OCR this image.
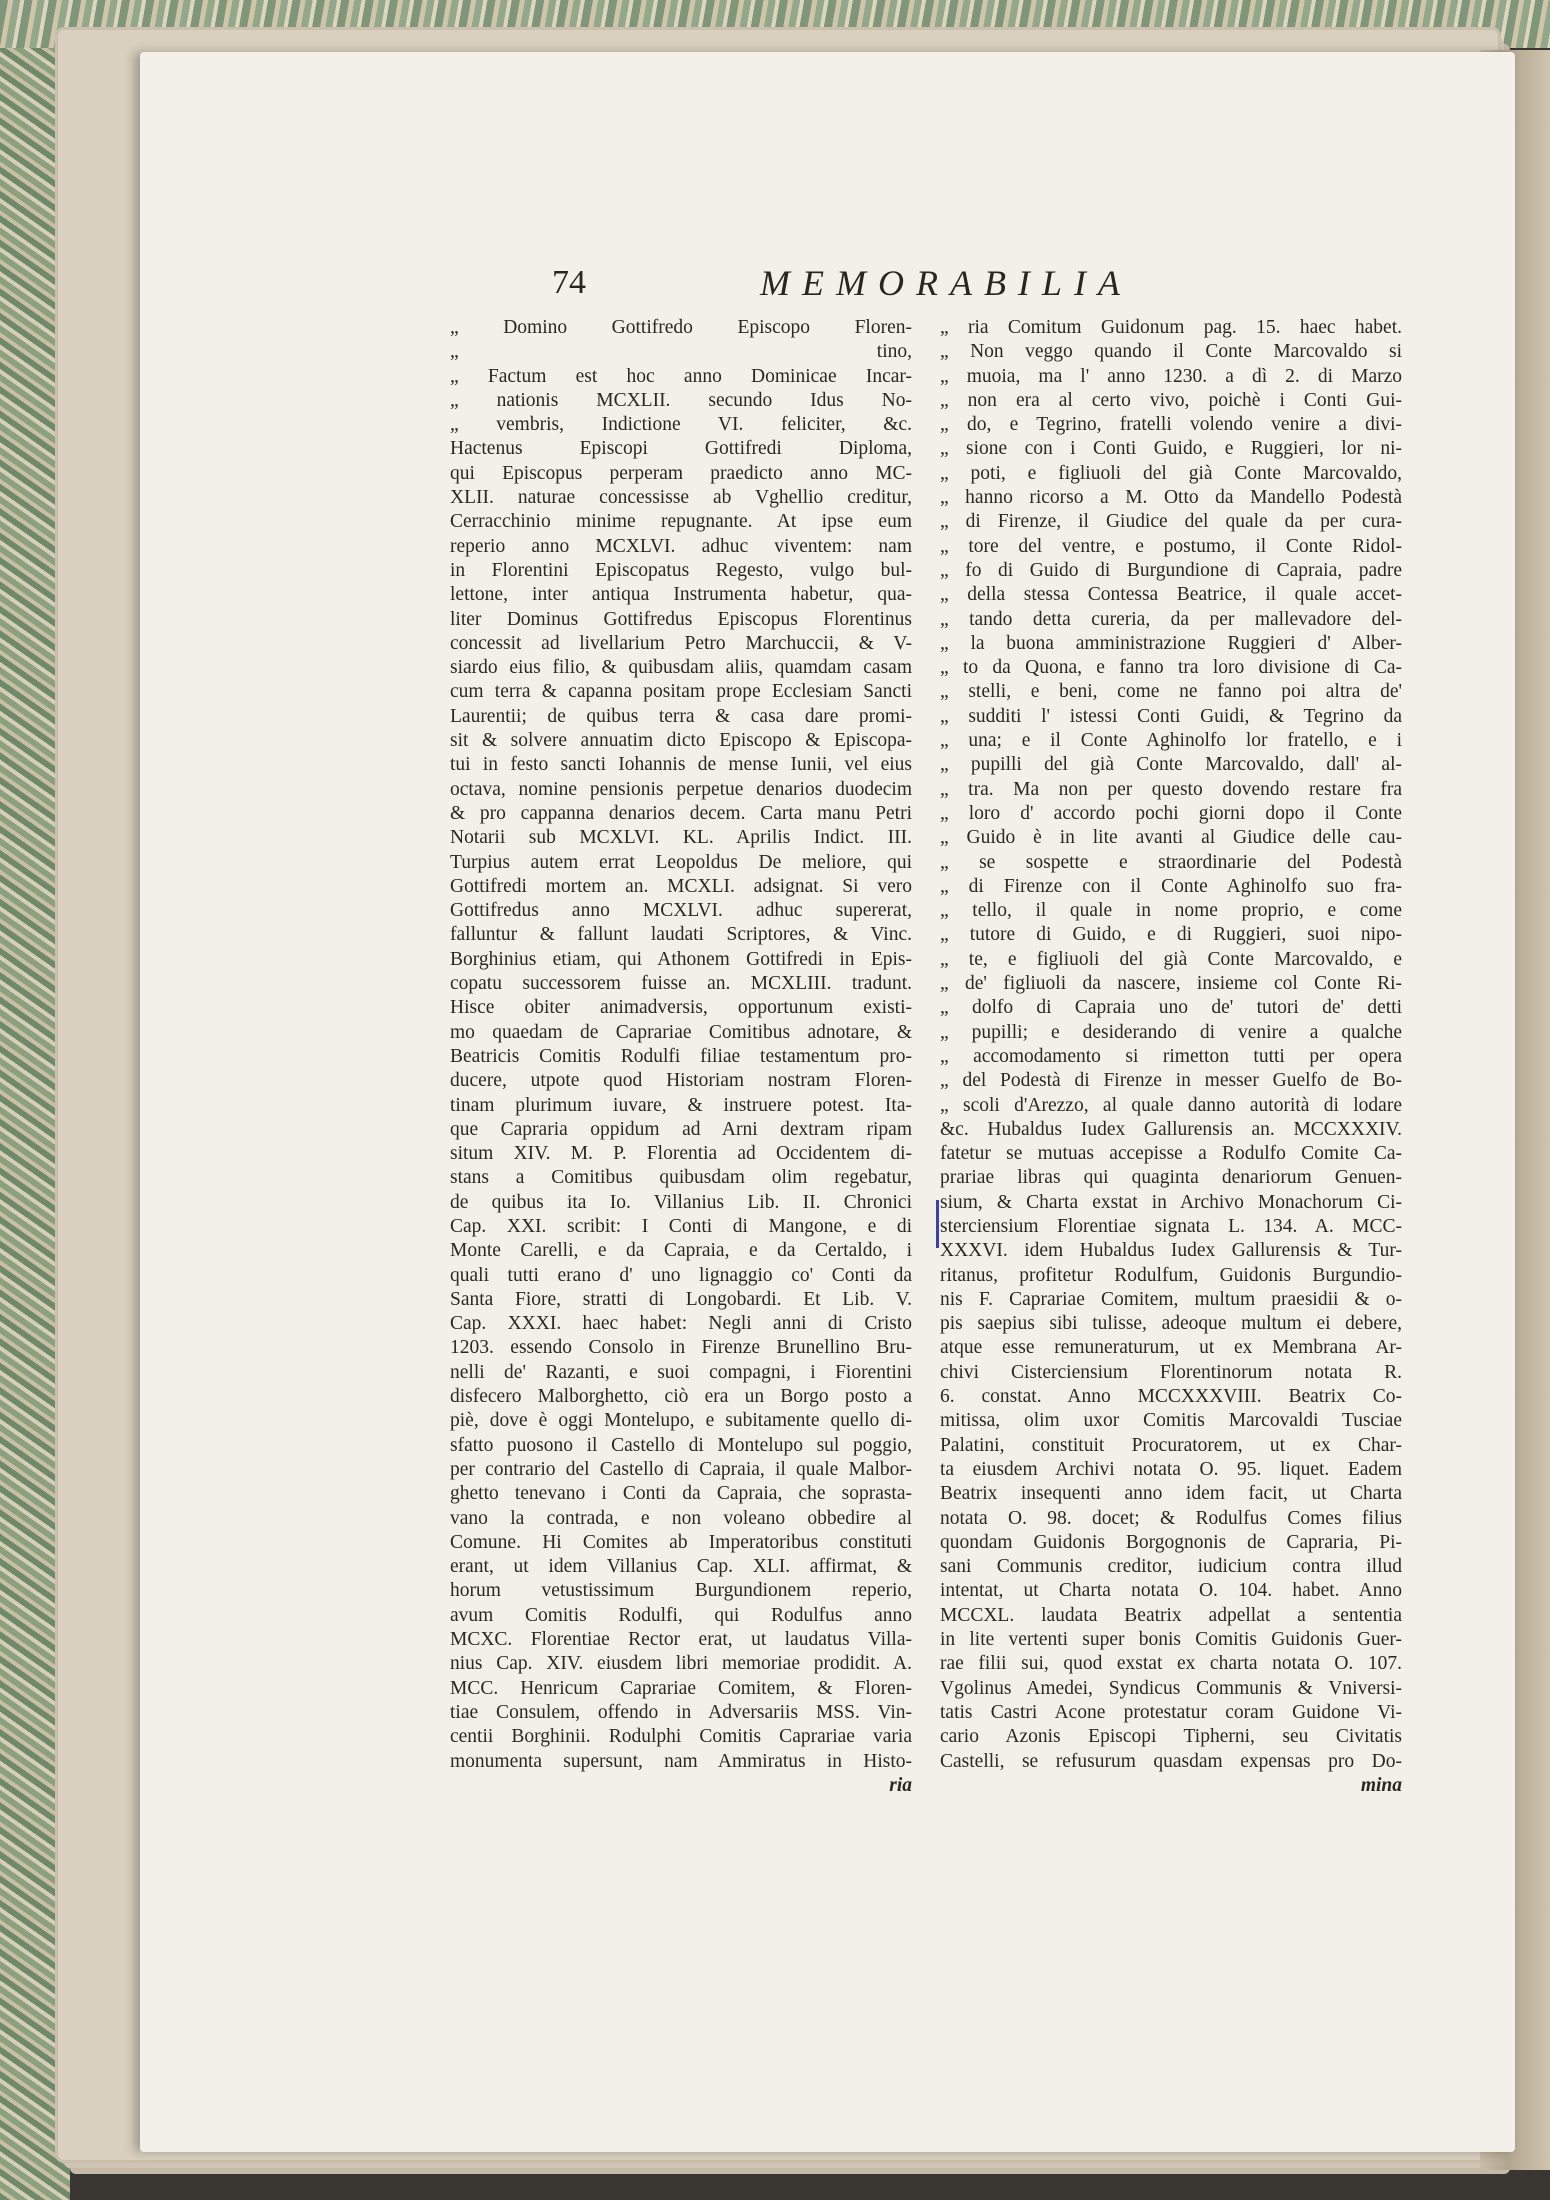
74	MEMORABILIA
„ Domino Gottifredo Episcopo Floren-
„ tino,
„ Factum est hoc anno Dominicae Incar-
„ nationis MCXLII. secundo Idus No-
„ vembris, Indictione VI. feliciter, &c.
Hactenus Episcopi Gottifredi Diploma,
qui Episcopus perperam praedicto anno MC-
XLII. naturae concessisse ab Vghellio creditur,
Cerracchinio minime repugnante. At ipse eum
reperio anno MCXLVI. adhuc viventem: nam
in Florentini Episcopatus Regesto, vulgo bul-
lettone, inter antiqua Instrumenta habetur, qua-
liter Dominus Gottifredus Episcopus Florentinus
concessit ad livellarium Petro Marchuccii, & V-
siardo eius filio, & quibusdam aliis, quamdam casam
cum terra & capanna positam prope Ecclesiam Sancti
Laurentii; de quibus terra & casa dare promi-
sit & solvere annuatim dicto Episcopo & Episcopa-
tui in festo sancti Iohannis de mense Iunii, vel eius
octava, nomine pensionis perpetue denarios duodecim
& pro cappanna denarios decem. Carta manu Petri
Notarii sub MCXLVI. KL. Aprilis Indict. III.
Turpius autem errat Leopoldus De meliore, qui
Gottifredi mortem an. MCXLI. adsignat. Si vero
Gottifredus anno MCXLVI. adhuc supererat,
falluntur & fallunt laudati Scriptores, & Vinc.
Borghinius etiam, qui Athonem Gottifredi in Epis-
copatu successorem fuisse an. MCXLIII. tradunt.
Hisce obiter animadversis, opportunum existi-
mo quaedam de Caprariae Comitibus adnotare, &
Beatricis Comitis Rodulfi filiae testamentum pro-
ducere, utpote quod Historiam nostram Floren-
tinam plurimum iuvare, & instruere potest. Ita-
que Capraria oppidum ad Arni dextram ripam
situm XIV. M. P. Florentia ad Occidentem di-
stans a Comitibus quibusdam olim regebatur,
de quibus ita Io. Villanius Lib. II. Chronici
Cap. XXI. scribit: I Conti di Mangone, e di
Monte Carelli, e da Capraia, e da Certaldo, i
quali tutti erano d' uno lignaggio co' Conti da
Santa Fiore, stratti di Longobardi. Et Lib. V.
Cap. XXXI. haec habet: Negli anni di Cristo
1203. essendo Consolo in Firenze Brunellino Bru-
nelli de' Razanti, e suoi compagni, i Fiorentini
disfecero Malborghetto, ciò era un Borgo posto a
piè, dove è oggi Montelupo, e subitamente quello di-
sfatto puosono il Castello di Montelupo sul poggio,
per contrario del Castello di Capraia, il quale Malbor-
ghetto tenevano i Conti da Capraia, che soprasta-
vano la contrada, e non voleano obbedire al
Comune. Hi Comites ab Imperatoribus constituti
erant, ut idem Villanius Cap. XLI. affirmat, &
horum vetustissimum Burgundionem reperio,
avum Comitis Rodulfi, qui Rodulfus anno
MCXC. Florentiae Rector erat, ut laudatus Villa-
nius Cap. XIV. eiusdem libri memoriae prodidit. A.
MCC. Henricum Caprariae Comitem, & Floren-
tiae Consulem, offendo in Adversariis MSS. Vin-
centii Borghinii. Rodulphi Comitis Caprariae varia
monumenta supersunt, nam Ammiratus in Histo-
ria
„ ria Comitum Guidonum pag. 15. haec habet.
„ Non veggo quando il Conte Marcovaldo si
„ muoia, ma l' anno 1230. a dì 2. di Marzo
„ non era al certo vivo, poichè i Conti Gui-
„ do, e Tegrino, fratelli volendo venire a divi-
„ sione con i Conti Guido, e Ruggieri, lor ni-
„ poti, e figliuoli del già Conte Marcovaldo,
„ hanno ricorso a M. Otto da Mandello Podestà
„ di Firenze, il Giudice del quale da per cura-
„ tore del ventre, e postumo, il Conte Ridol-
„ fo di Guido di Burgundione di Capraia, padre
„ della stessa Contessa Beatrice, il quale accet-
„ tando detta cureria, da per mallevadore del-
„ la buona amministrazione Ruggieri d' Alber-
„ to da Quona, e fanno tra loro divisione di Ca-
„ stelli, e beni, come ne fanno poi altra de'
„ sudditi l' istessi Conti Guidi, & Tegrino da
„ una; e il Conte Aghinolfo lor fratello, e i
„ pupilli del già Conte Marcovaldo, dall' al-
„ tra. Ma non per questo dovendo restare fra
„ loro d' accordo pochi giorni dopo il Conte
„ Guido è in lite avanti al Giudice delle cau-
„ se sospette e straordinarie del Podestà
„ di Firenze con il Conte Aghinolfo suo fra-
„ tello, il quale in nome proprio, e come
„ tutore di Guido, e di Ruggieri, suoi nipo-
„ te, e figliuoli del già Conte Marcovaldo, e
„ de' figliuoli da nascere, insieme col Conte Ri-
„ dolfo di Capraia uno de' tutori de' detti
„ pupilli; e desiderando di venire a qualche
„ accomodamento si rimetton tutti per opera
„ del Podestà di Firenze in messer Guelfo de Bo-
„ scoli d'Arezzo, al quale danno autorità di lodare
&c. Hubaldus Iudex Gallurensis an. MCCXXXIV.
fatetur se mutuas accepisse a Rodulfo Comite Ca-
prariae libras qui quaginta denariorum Genuen-
sium, & Charta exstat in Archivo Monachorum Ci-
sterciensium Florentiae signata L. 134. A. MCC-
XXXVI. idem Hubaldus Iudex Gallurensis & Tur-
ritanus, profitetur Rodulfum, Guidonis Burgundio-
nis F. Caprariae Comitem, multum praesidii & o-
pis saepius sibi tulisse, adeoque multum ei debere,
atque esse remuneraturum, ut ex Membrana Ar-
chivi Cisterciensium Florentinorum notata R.
6. constat. Anno MCCXXXVIII. Beatrix Co-
mitissa, olim uxor Comitis Marcovaldi Tusciae
Palatini, constituit Procuratorem, ut ex Char-
ta eiusdem Archivi notata O. 95. liquet. Eadem
Beatrix insequenti anno idem facit, ut Charta
notata O. 98. docet; & Rodulfus Comes filius
quondam Guidonis Borgognonis de Capraria, Pi-
sani Communis creditor, iudicium contra illud
intentat, ut Charta notata O. 104. habet. Anno
MCCXL. laudata Beatrix adpellat a sententia
in lite vertenti super bonis Comitis Guidonis Guer-
rae filii sui, quod exstat ex charta notata O. 107.
Vgolinus Amedei, Syndicus Communis & Vniversi-
tatis Castri Acone protestatur coram Guidone Vi-
cario Azonis Episcopi Tipherni, seu Civitatis
Castelli, se refusurum quasdam expensas pro Do-
mina
